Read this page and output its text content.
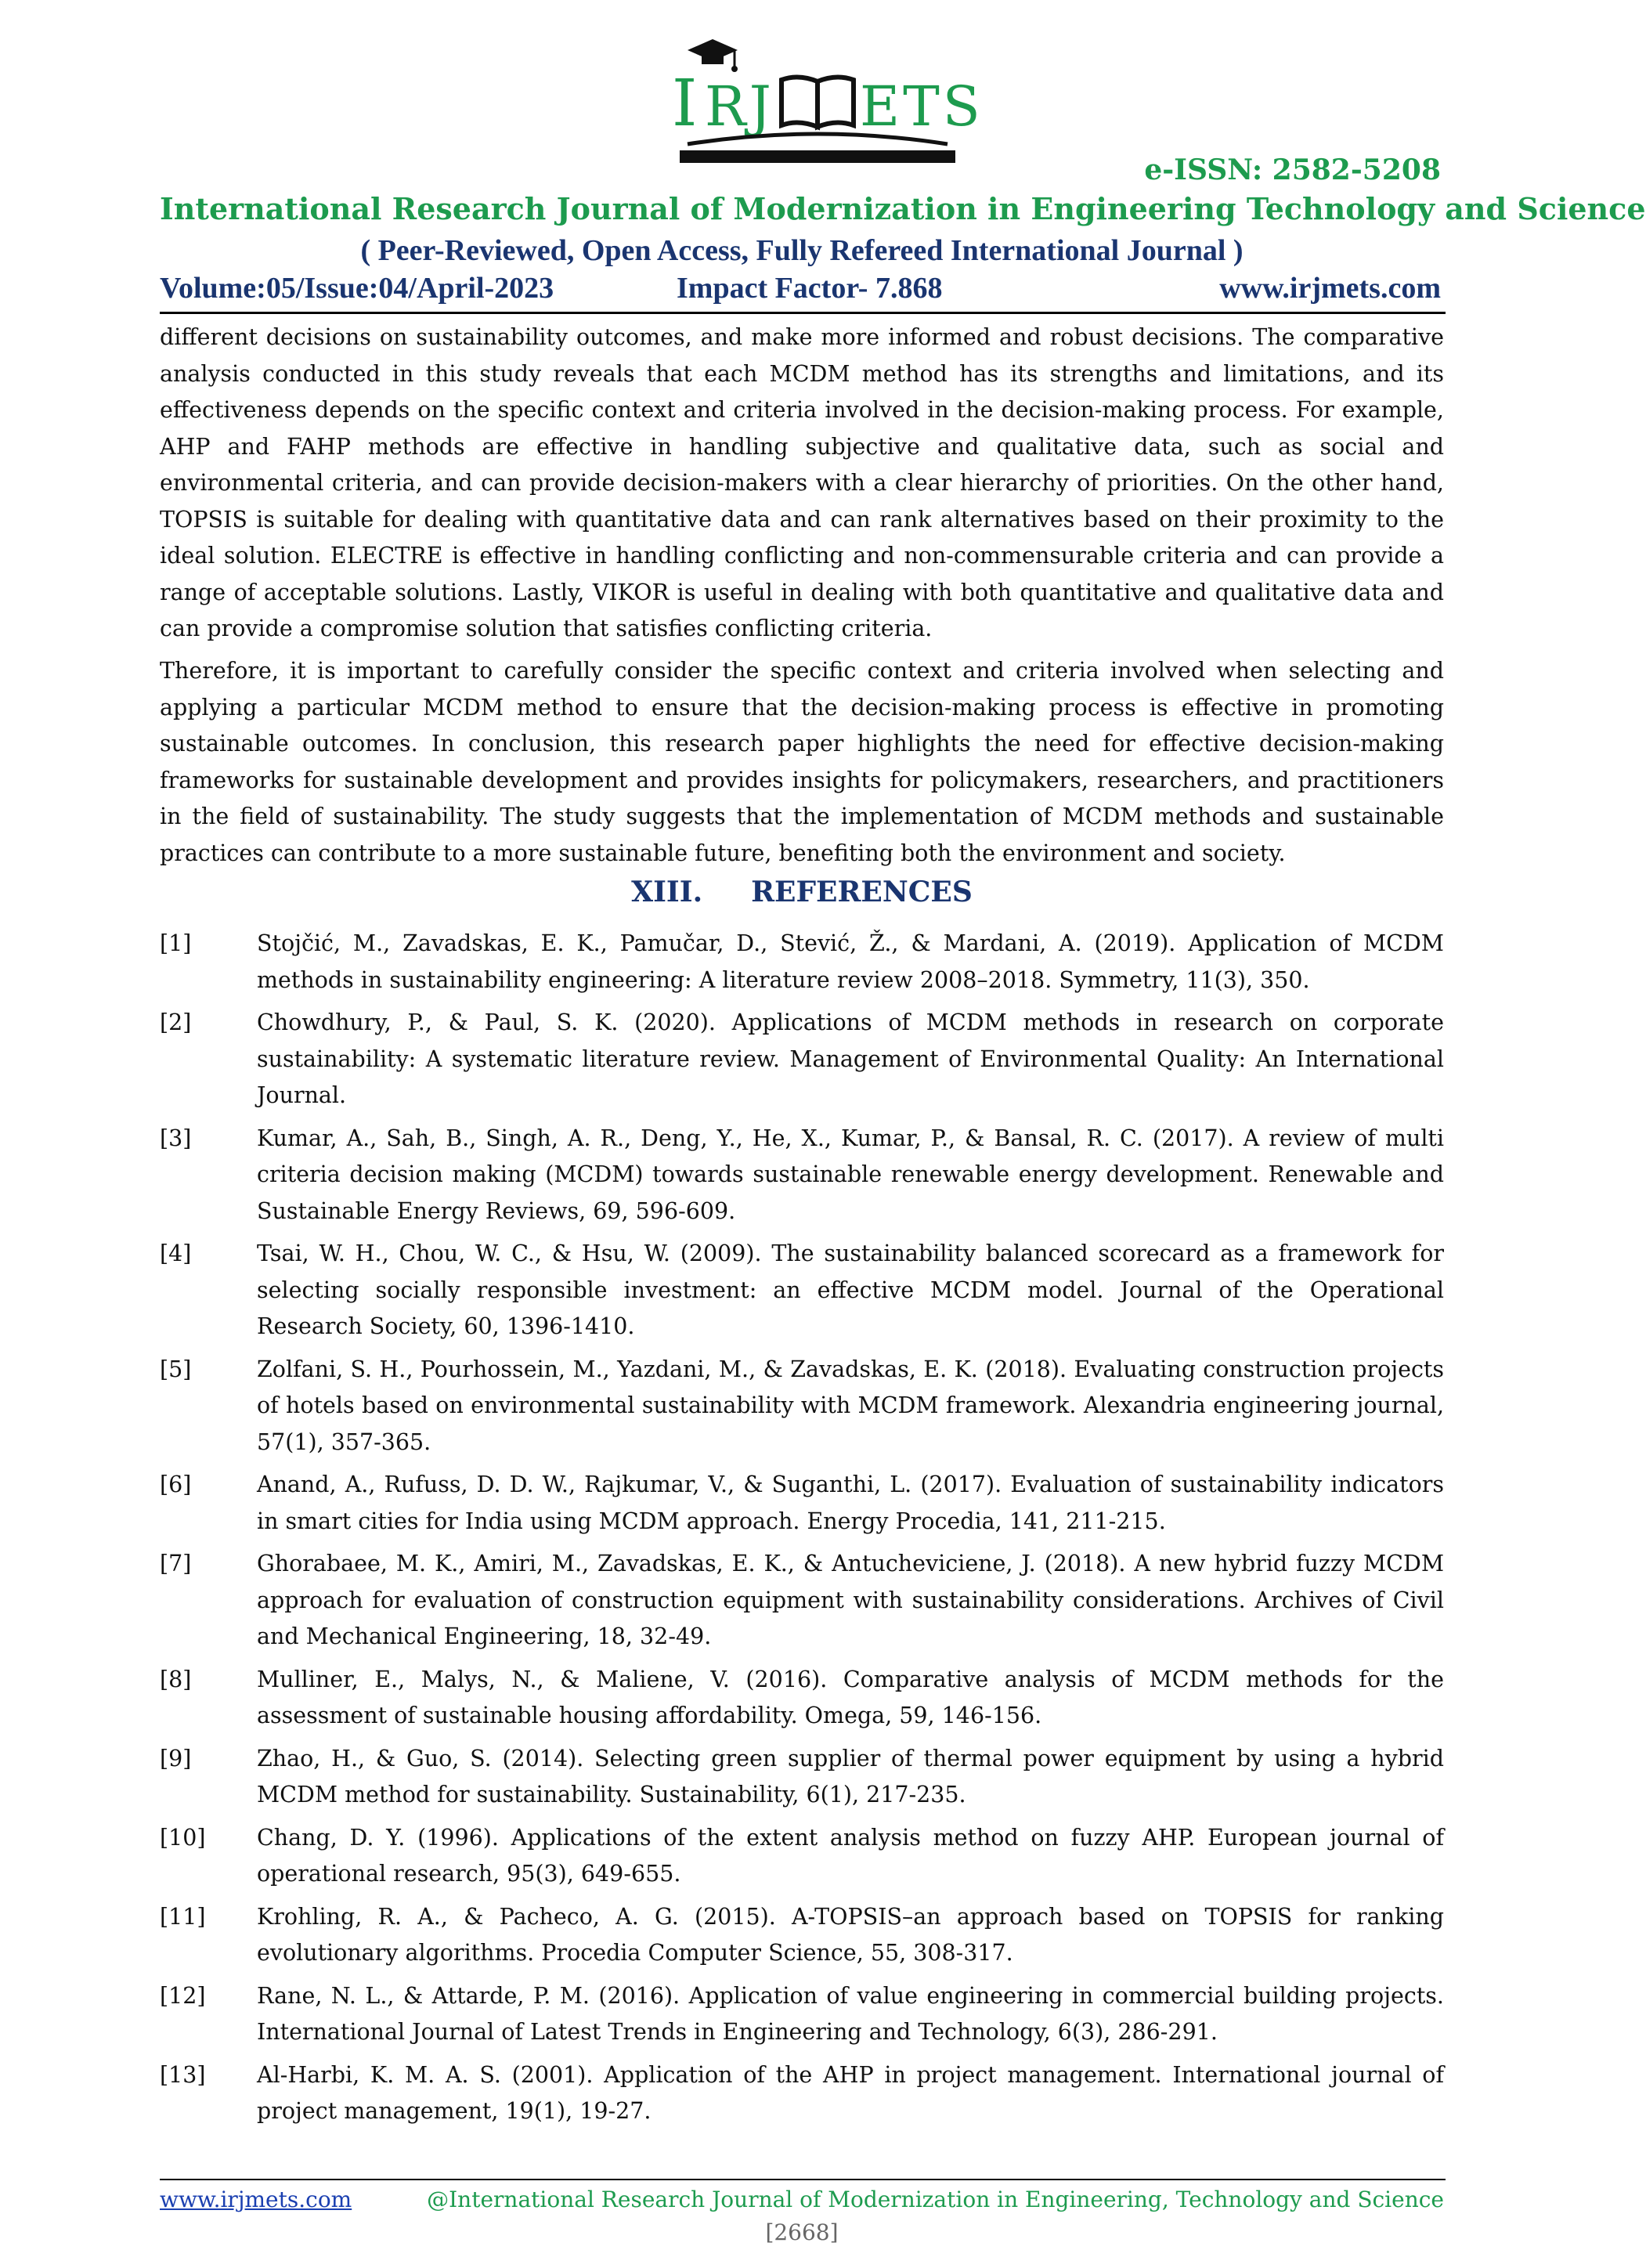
I RJ ETS
e-ISSN: 2582-5208
International Research Journal of Modernization in Engineering Technology and Science
( Peer-Reviewed, Open Access, Fully Refereed International Journal )
Volume:05/Issue:04/April-2023	Impact Factor- 7.868	www.irjmets.com
different decisions on sustainability outcomes, and make more informed and robust decisions. The comparative analysis conducted in this study reveals that each MCDM method has its strengths and limitations, and its effectiveness depends on the specific context and criteria involved in the decision-making process. For example, AHP and FAHP methods are effective in handling subjective and qualitative data, such as social and environmental criteria, and can provide decision-makers with a clear hierarchy of priorities. On the other hand, TOPSIS is suitable for dealing with quantitative data and can rank alternatives based on their proximity to the ideal solution. ELECTRE is effective in handling conflicting and non-commensurable criteria and can provide a range of acceptable solutions. Lastly, VIKOR is useful in dealing with both quantitative and qualitative data and can provide a compromise solution that satisfies conflicting criteria.
Therefore, it is important to carefully consider the specific context and criteria involved when selecting and applying a particular MCDM method to ensure that the decision-making process is effective in promoting sustainable outcomes. In conclusion, this research paper highlights the need for effective decision-making frameworks for sustainable development and provides insights for policymakers, researchers, and practitioners in the field of sustainability. The study suggests that the implementation of MCDM methods and sustainable practices can contribute to a more sustainable future, benefiting both the environment and society.
XIII. REFERENCES
[1]	Stojčić, M., Zavadskas, E. K., Pamučar, D., Stević, Ž., & Mardani, A. (2019). Application of MCDM methods in sustainability engineering: A literature review 2008–2018. Symmetry, 11(3), 350.
[2]	Chowdhury, P., & Paul, S. K. (2020). Applications of MCDM methods in research on corporate sustainability: A systematic literature review. Management of Environmental Quality: An International Journal.
[3]	Kumar, A., Sah, B., Singh, A. R., Deng, Y., He, X., Kumar, P., & Bansal, R. C. (2017). A review of multi criteria decision making (MCDM) towards sustainable renewable energy development. Renewable and Sustainable Energy Reviews, 69, 596-609.
[4]	Tsai, W. H., Chou, W. C., & Hsu, W. (2009). The sustainability balanced scorecard as a framework for selecting socially responsible investment: an effective MCDM model. Journal of the Operational Research Society, 60, 1396-1410.
[5]	Zolfani, S. H., Pourhossein, M., Yazdani, M., & Zavadskas, E. K. (2018). Evaluating construction projects of hotels based on environmental sustainability with MCDM framework. Alexandria engineering journal, 57(1), 357-365.
[6]	Anand, A., Rufuss, D. D. W., Rajkumar, V., & Suganthi, L. (2017). Evaluation of sustainability indicators in smart cities for India using MCDM approach. Energy Procedia, 141, 211-215.
[7]	Ghorabaee, M. K., Amiri, M., Zavadskas, E. K., & Antucheviciene, J. (2018). A new hybrid fuzzy MCDM approach for evaluation of construction equipment with sustainability considerations. Archives of Civil and Mechanical Engineering, 18, 32-49.
[8]	Mulliner, E., Malys, N., & Maliene, V. (2016). Comparative analysis of MCDM methods for the assessment of sustainable housing affordability. Omega, 59, 146-156.
[9]	Zhao, H., & Guo, S. (2014). Selecting green supplier of thermal power equipment by using a hybrid MCDM method for sustainability. Sustainability, 6(1), 217-235.
[10] Chang, D. Y. (1996). Applications of the extent analysis method on fuzzy AHP. European journal of operational research, 95(3), 649-655.
[11] Krohling, R. A., & Pacheco, A. G. (2015). A-TOPSIS–an approach based on TOPSIS for ranking evolutionary algorithms. Procedia Computer Science, 55, 308-317.
[12] Rane, N. L., & Attarde, P. M. (2016). Application of value engineering in commercial building projects. International Journal of Latest Trends in Engineering and Technology, 6(3), 286-291.
[13] Al-Harbi, K. M. A. S. (2001). Application of the AHP in project management. International journal of project management, 19(1), 19-27.
www.irjmets.com	@International Research Journal of Modernization in Engineering, Technology and Science
[2668]
